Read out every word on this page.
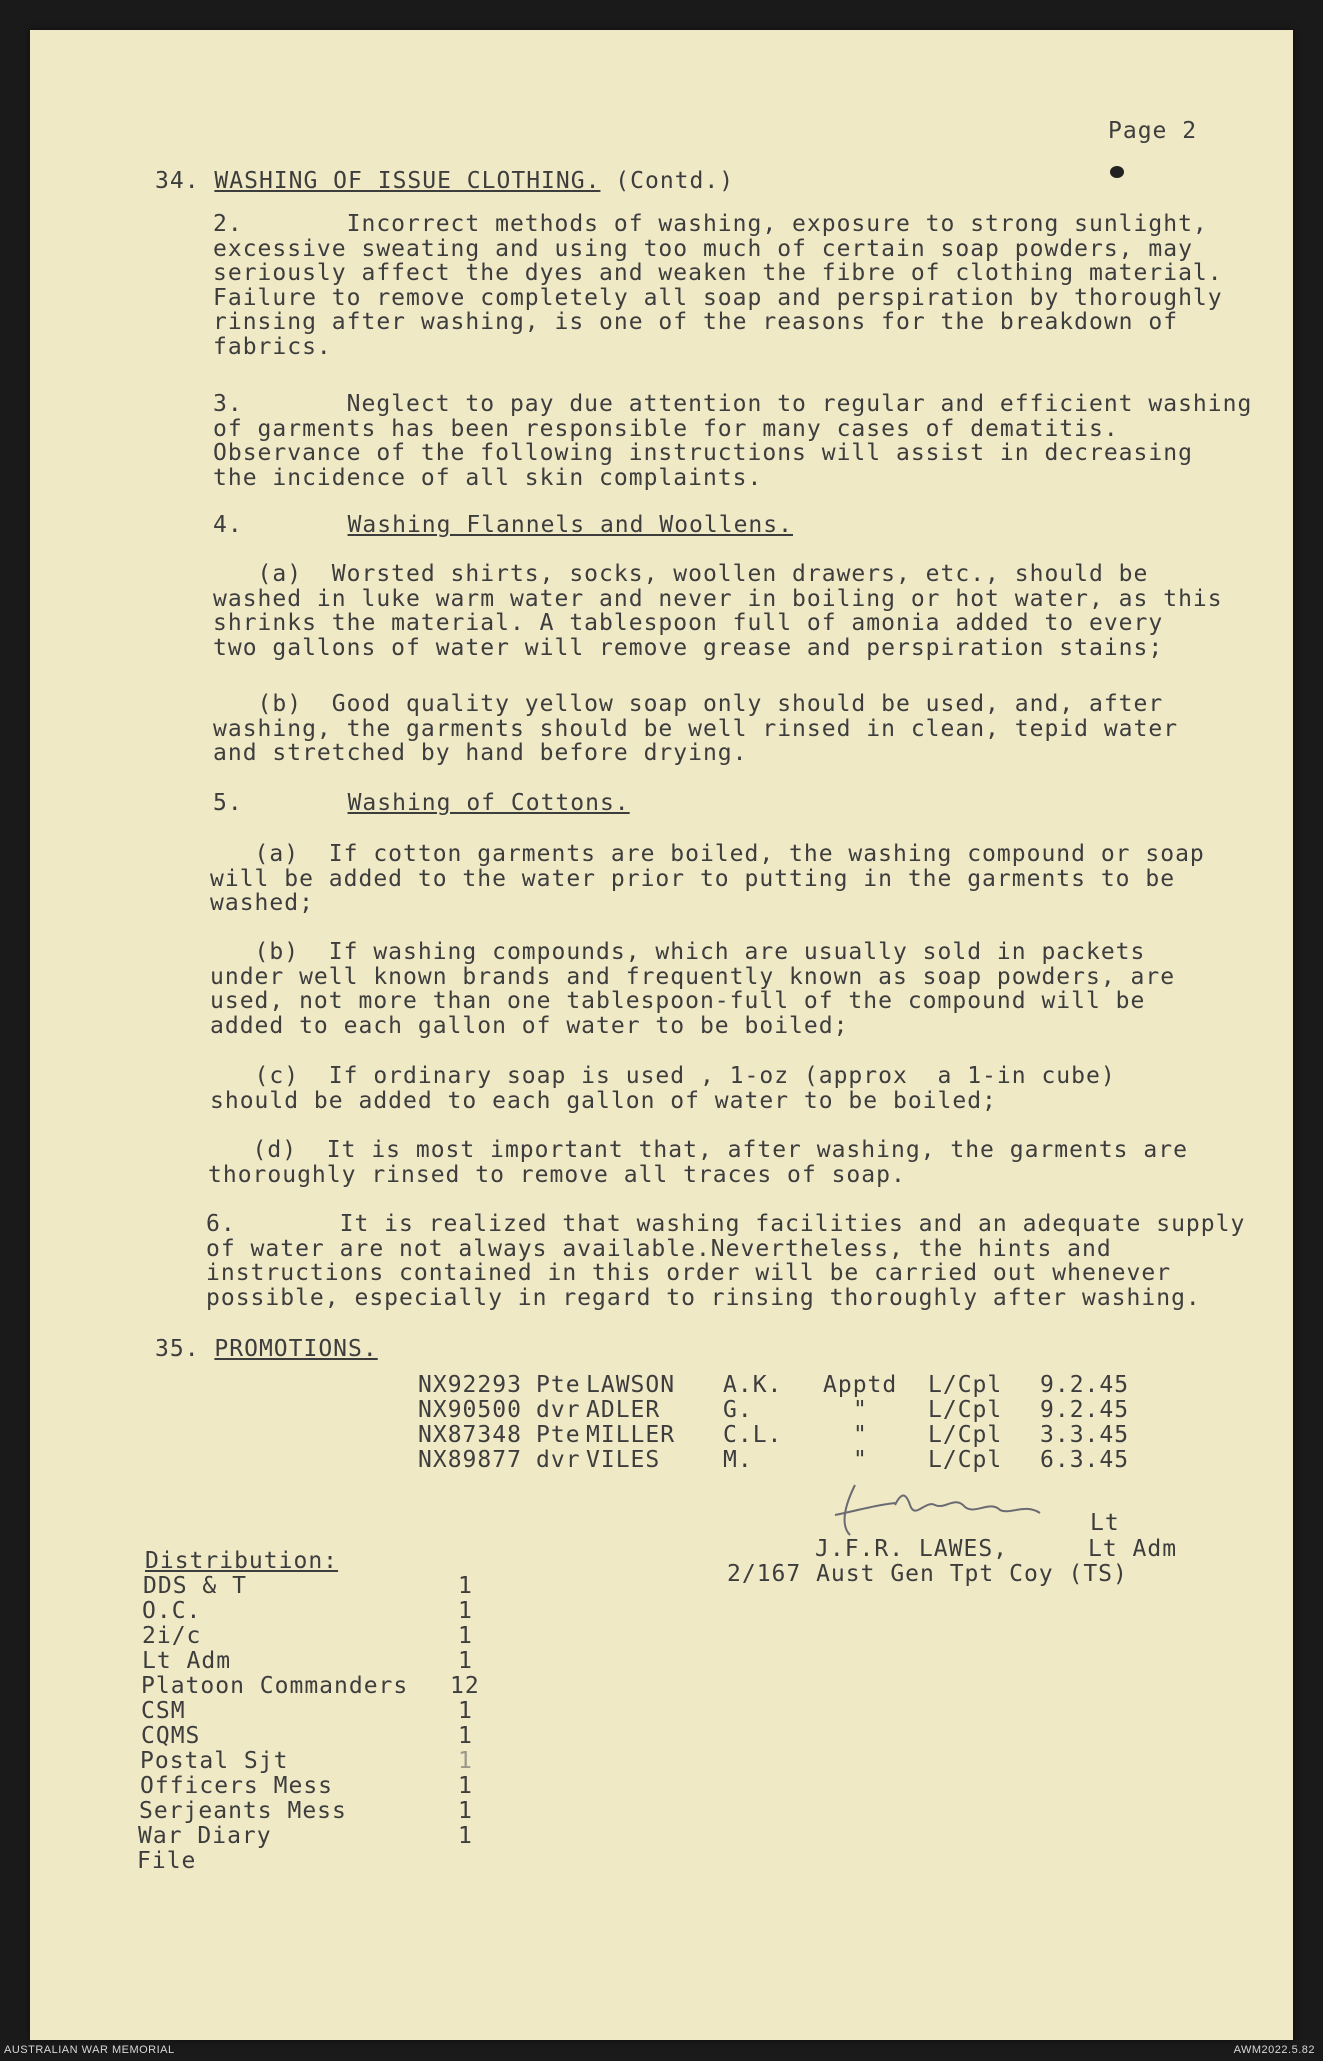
Page 2
34. WASHING OF ISSUE CLOTHING. (Contd.)
2.       Incorrect methods of washing, exposure to strong sunlight,
excessive sweating and using too much of certain soap powders, may
seriously affect the dyes and weaken the fibre of clothing material.
Failure to remove completely all soap and perspiration by thoroughly
rinsing after washing, is one of the reasons for the breakdown of
fabrics.
3.       Neglect to pay due attention to regular and efficient washing
of garments has been responsible for many cases of dematitis.
Observance of the following instructions will assist in decreasing
the incidence of all skin complaints.
4.	Washing Flannels and Woollens.
(a)  Worsted shirts, socks, woollen drawers, etc., should be
washed in luke warm water and never in boiling or hot water, as this
shrinks the material. A tablespoon full of amonia added to every
two gallons of water will remove grease and perspiration stains;
(b)  Good quality yellow soap only should be used, and, after
washing, the garments should be well rinsed in clean, tepid water
and stretched by hand before drying.
5.	Washing of Cottons.
(a)  If cotton garments are boiled, the washing compound or soap
will be added to the water prior to putting in the garments to be
washed;
(b)  If washing compounds, which are usually sold in packets
under well known brands and frequently known as soap powders, are
used, not more than one tablespoon-full of the compound will be
added to each gallon of water to be boiled;
(c)  If ordinary soap is used , 1-oz (approx  a 1-in cube)
should be added to each gallon of water to be boiled;
(d)  It is most important that, after washing, the garments are
thoroughly rinsed to remove all traces of soap.
6.       It is realized that washing facilities and an adequate supply
of water are not always available.Nevertheless, the hints and
instructions contained in this order will be carried out whenever
possible, especially in regard to rinsing thoroughly after washing.
35. PROMOTIONS.
NX92293 Pte LAWSON A.K. Apptd L/Cpl 9.2.45
NX90500 dvr ADLER	G.	"	L/Cpl 9.2.45
NX87348 Pte MILLER C.L.	"	L/Cpl 3.3.45
NX89877 dvr VILES	M.	"	L/Cpl 6.3.45
Lt
J.F.R. LAWES,	Lt Adm
2/167 Aust Gen Tpt Coy (TS)
Distribution:
DDS & T	1
O.C.	1
2i/c	1
Lt Adm	1
Platoon Commanders 12
CSM	1
CQMS	1
Postal Sjt	1
Officers Mess	1
Serjeants Mess	1
War Diary	1
File
AUSTRALIAN WAR MEMORIAL	AWM2022.5.82
